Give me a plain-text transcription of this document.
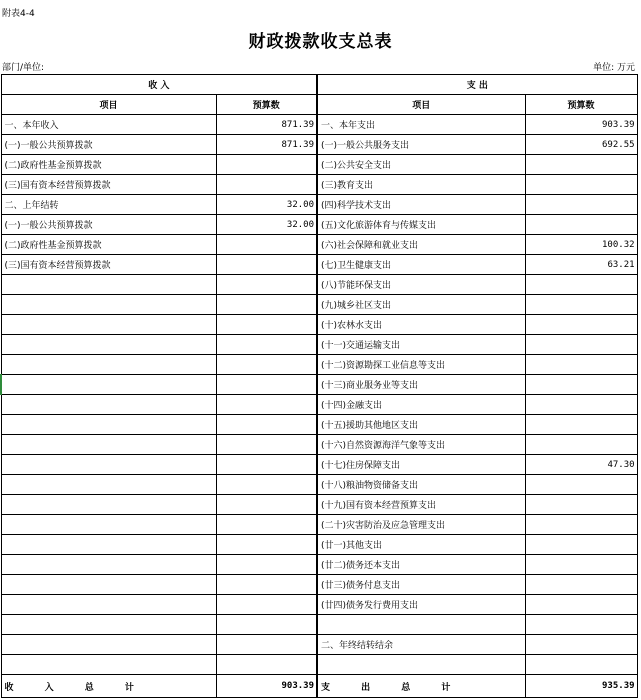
附表4-4
财政拨款收支总表
部门/单位:	单位: 万元
收 入		支 出	
项目	预算数	项目	预算数
一、本年收入	871.39	一、本年支出	903.39
(一)一般公共预算拨款	871.39	(一)一般公共服务支出	692.55
(二)政府性基金预算拨款		(二)公共安全支出	
(三)国有资本经营预算拨款		(三)教育支出	
二、上年结转	32.00	(四)科学技术支出	
(一)一般公共预算拨款	32.00	(五)文化旅游体育与传媒支出	
(二)政府性基金预算拨款		(六)社会保障和就业支出	100.32
(三)国有资本经营预算拨款		(七)卫生健康支出	63.21
		(八)节能环保支出	
		(九)城乡社区支出	
		(十)农林水支出	
		(十一)交通运输支出	
		(十二)资源勘探工业信息等支出	
		(十三)商业服务业等支出	
		(十四)金融支出	
		(十五)援助其他地区支出	
		(十六)自然资源海洋气象等支出	
		(十七)住房保障支出	47.30
		(十八)粮油物资储备支出	
		(十九)国有资本经营预算支出	
		(二十)灾害防治及应急管理支出	
		(廿一)其他支出	
		(廿二)债务还本支出	
		(廿三)债务付息支出	
		(廿四)债务发行费用支出	

		二、年终结转结余	

收 入 总 计	903.39	支 出 总 计	935.39
